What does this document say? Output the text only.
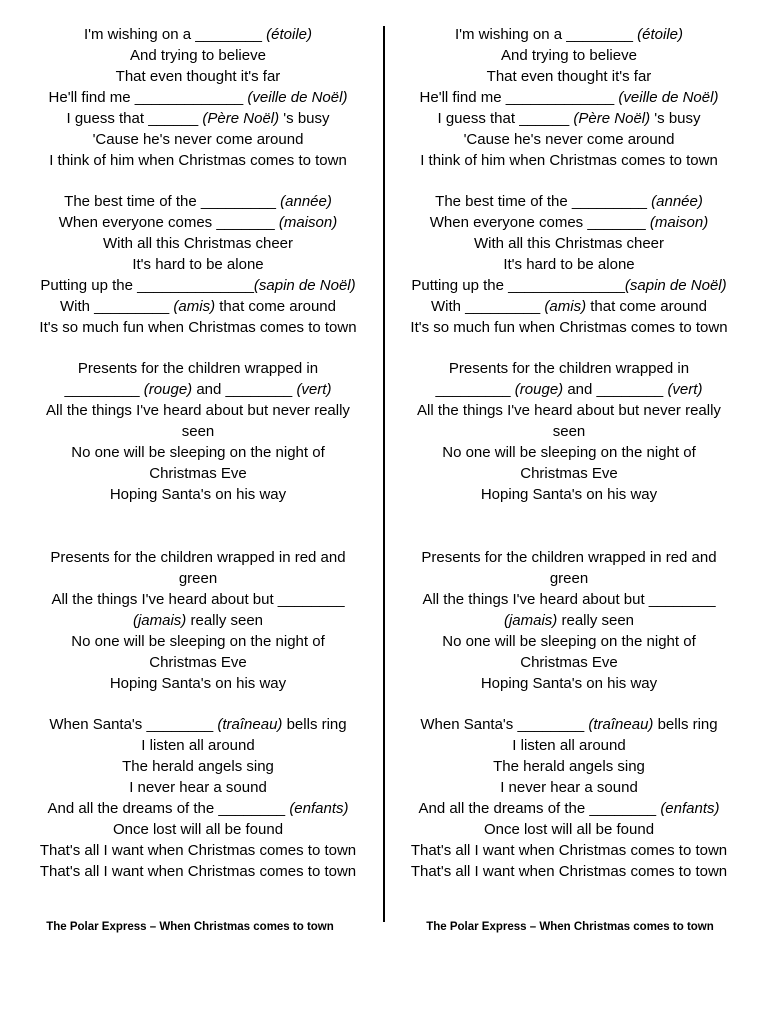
I'm wishing on a ________ (étoile)
And trying to believe
That even thought it's far
He'll find me _____________ (veille de Noël)
I guess that ______ (Père Noël) 's busy
'Cause he's never come around
I think of him when Christmas comes to town
The best time of the _________ (année)
When everyone comes _______ (maison)
With all this Christmas cheer
It's hard to be alone
Putting up the ______________(sapin de Noël)
With _________ (amis) that come around
It's so much fun when Christmas comes to town
Presents for the children wrapped in
_________ (rouge) and ________ (vert)
All the things I've heard about but never really
seen
No one will be sleeping on the night of
Christmas Eve
Hoping Santa's on his way
Presents for the children wrapped in red and
green
All the things I've heard about but ________
(jamais) really seen
No one will be sleeping on the night of
Christmas Eve
Hoping Santa's on his way
When Santa's ________ (traîneau) bells ring
I listen all around
The herald angels sing
I never hear a sound
And all the dreams of the ________ (enfants)
Once lost will all be found
That's all I want when Christmas comes to town
That's all I want when Christmas comes to town
I'm wishing on a ________ (étoile)
And trying to believe
That even thought it's far
He'll find me _____________ (veille de Noël)
I guess that ______ (Père Noël) 's busy
'Cause he's never come around
I think of him when Christmas comes to town
The best time of the _________ (année)
When everyone comes _______ (maison)
With all this Christmas cheer
It's hard to be alone
Putting up the ______________(sapin de Noël)
With _________ (amis) that come around
It's so much fun when Christmas comes to town
Presents for the children wrapped in
_________ (rouge) and ________ (vert)
All the things I've heard about but never really
seen
No one will be sleeping on the night of
Christmas Eve
Hoping Santa's on his way
Presents for the children wrapped in red and
green
All the things I've heard about but ________
(jamais) really seen
No one will be sleeping on the night of
Christmas Eve
Hoping Santa's on his way
When Santa's ________ (traîneau) bells ring
I listen all around
The herald angels sing
I never hear a sound
And all the dreams of the ________ (enfants)
Once lost will all be found
That's all I want when Christmas comes to town
That's all I want when Christmas comes to town
The Polar Express – When Christmas comes to town	The Polar Express – When Christmas comes to town
